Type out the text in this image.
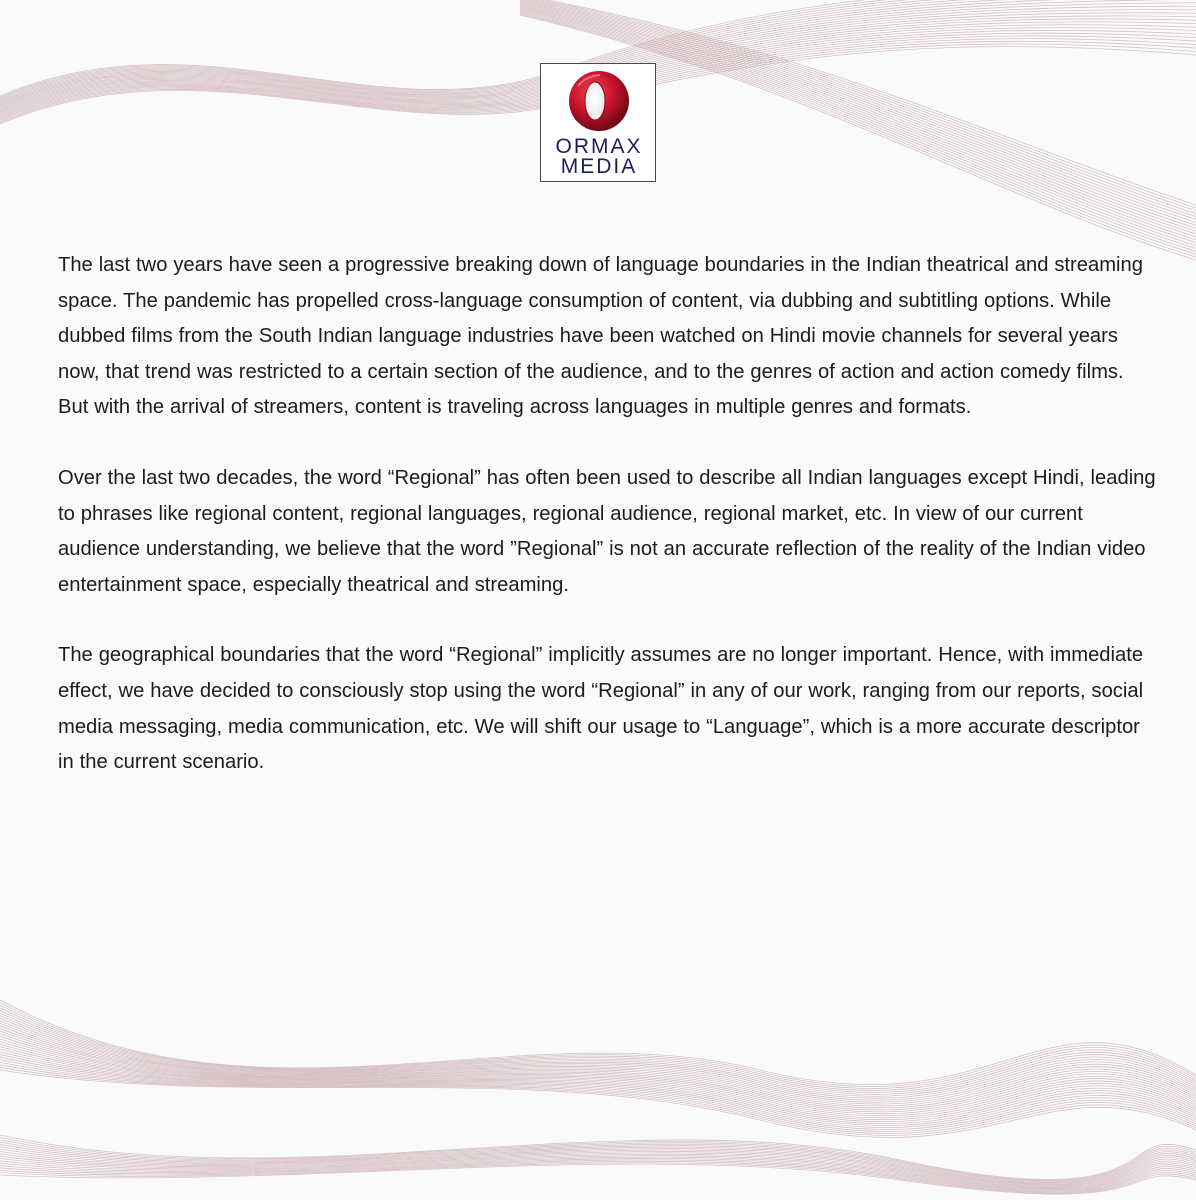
ORMAX
MEDIA

The last two years have seen a progressive breaking down of language boundaries in the Indian theatrical and streaming space. The pandemic has propelled cross-language consumption of content, via dubbing and subtitling options. While dubbed films from the South Indian language industries have been watched on Hindi movie channels for several years now, that trend was restricted to a certain section of the audience, and to the genres of action and action comedy films. But with the arrival of streamers, content is traveling across languages in multiple genres and formats.

Over the last two decades, the word “Regional” has often been used to describe all Indian languages except Hindi, leading to phrases like regional content, regional languages, regional audience, regional market, etc. In view of our current audience understanding, we believe that the word ”Regional” is not an accurate reflection of the reality of the Indian video entertainment space, especially theatrical and streaming.

The geographical boundaries that the word “Regional” implicitly assumes are no longer important. Hence, with immediate effect, we have decided to consciously stop using the word “Regional” in any of our work, ranging from our reports, social media messaging, media communication, etc. We will shift our usage to “Language”, which is a more accurate descriptor in the current scenario.
